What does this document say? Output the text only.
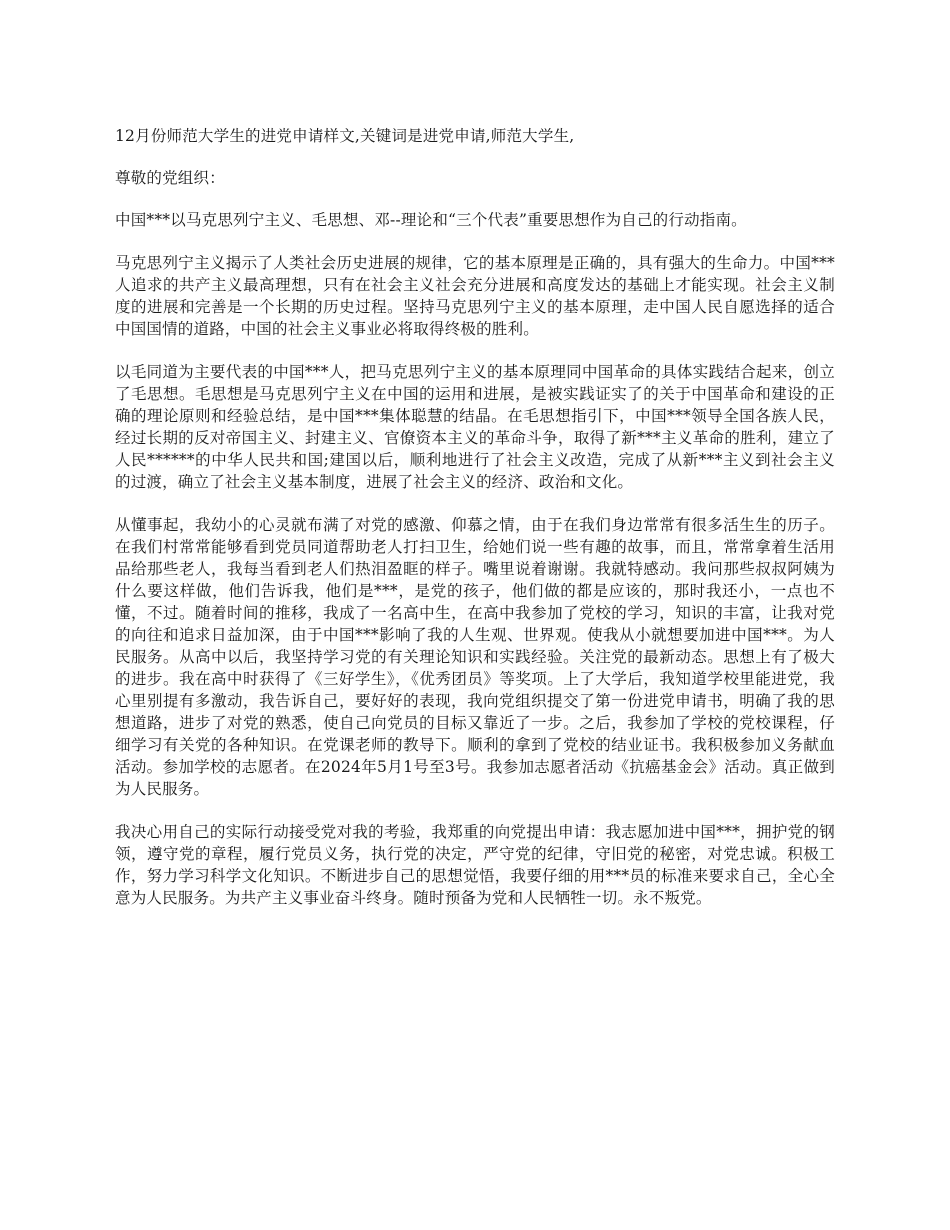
12月份师范大学生的进党申请样文,关键词是进党申请,师范大学生,

尊敬的党组织：

中国***以马克思列宁主义、毛思想、邓--理论和“三个代表”重要思想作为自己的行动指南。

马克思列宁主义揭示了人类社会历史进展的规律，它的基本原理是正确的，具有强大的生命力。中国***人追求的共产主义最高理想，只有在社会主义社会充分进展和高度发达的基础上才能实现。社会主义制度的进展和完善是一个长期的历史过程。坚持马克思列宁主义的基本原理，走中国人民自愿选择的适合中国国情的道路，中国的社会主义事业必将取得终极的胜利。

以毛同道为主要代表的中国***人，把马克思列宁主义的基本原理同中国革命的具体实践结合起来，创立了毛思想。毛思想是马克思列宁主义在中国的运用和进展，是被实践证实了的关于中国革命和建设的正确的理论原则和经验总结，是中国***集体聪慧的结晶。在毛思想指引下，中国***领导全国各族人民，经过长期的反对帝国主义、封建主义、官僚资本主义的革命斗争，取得了新***主义革命的胜利，建立了人民******的中华人民共和国;建国以后，顺利地进行了社会主义改造，完成了从新***主义到社会主义的过渡，确立了社会主义基本制度，进展了社会主义的经济、政治和文化。

从懂事起，我幼小的心灵就布满了对党的感激、仰慕之情，由于在我们身边常常有很多活生生的历子。在我们村常常能够看到党员同道帮助老人打扫卫生，给她们说一些有趣的故事，而且，常常拿着生活用品给那些老人，我每当看到老人们热泪盈眶的样子。嘴里说着谢谢。我就特感动。我问那些叔叔阿姨为什么要这样做，他们告诉我，他们是***，是党的孩子，他们做的都是应该的，那时我还小，一点也不懂，不过。随着时间的推移，我成了一名高中生，在高中我参加了党校的学习，知识的丰富，让我对党的向往和追求日益加深，由于中国***影响了我的人生观、世界观。使我从小就想要加进中国***。为人民服务。从高中以后，我坚持学习党的有关理论知识和实践经验。关注党的最新动态。思想上有了极大的进步。我在高中时获得了《三好学生》，《优秀团员》等奖项。上了大学后，我知道学校里能进党，我心里别提有多激动，我告诉自己，要好好的表现，我向党组织提交了第一份进党申请书，明确了我的思想道路，进步了对党的熟悉，使自己向党员的目标又靠近了一步。之后，我参加了学校的党校课程，仔细学习有关党的各种知识。在党课老师的教导下。顺利的拿到了党校的结业证书。我积极参加义务献血活动。参加学校的志愿者。在2024年5月1号至3号。我参加志愿者活动《抗癌基金会》活动。真正做到为人民服务。

我决心用自己的实际行动接受党对我的考验，我郑重的向党提出申请：我志愿加进中国***，拥护党的钢领，遵守党的章程，履行党员义务，执行党的决定，严守党的纪律，守旧党的秘密，对党忠诚。积极工作，努力学习科学文化知识。不断进步自己的思想觉悟，我要仔细的用***员的标准来要求自己，全心全意为人民服务。为共产主义事业奋斗终身。随时预备为党和人民牺牲一切。永不叛党。
